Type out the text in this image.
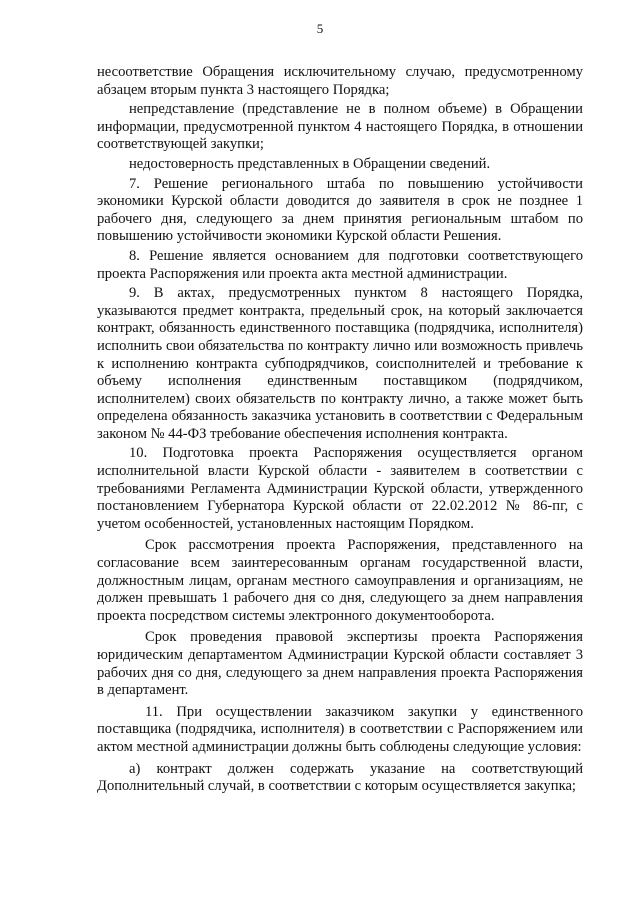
5

несоответствие Обращения исключительному случаю, предусмотренному абзацем вторым пункта 3 настоящего Порядка;

непредставление (представление не в полном объеме) в Обращении информации, предусмотренной пунктом 4 настоящего Порядка, в отношении соответствующей закупки;

недостоверность представленных в Обращении сведений.

7. Решение регионального штаба по повышению устойчивости экономики Курской области доводится до заявителя в срок не позднее 1 рабочего дня, следующего за днем принятия региональным штабом по повышению устойчивости экономики Курской области Решения.

8. Решение является основанием для подготовки соответствующего проекта Распоряжения или проекта акта местной администрации.

9. В актах, предусмотренных пунктом 8 настоящего Порядка, указываются предмет контракта, предельный срок, на который заключается контракт, обязанность единственного поставщика (подрядчика, исполнителя) исполнить свои обязательства по контракту лично или возможность привлечь к исполнению контракта субподрядчиков, соисполнителей и требование к объему исполнения единственным поставщиком (подрядчиком, исполнителем) своих обязательств по контракту лично, а также может быть определена обязанность заказчика установить в соответствии с Федеральным законом № 44-ФЗ требование обеспечения исполнения контракта.

10. Подготовка проекта Распоряжения осуществляется органом исполнительной власти Курской области - заявителем в соответствии с требованиями Регламента Администрации Курской области, утвержденного постановлением Губернатора Курской области от 22.02.2012 № 86-пг, с учетом особенностей, установленных настоящим Порядком.

Срок рассмотрения проекта Распоряжения, представленного на согласование всем заинтересованным органам государственной власти, должностным лицам, органам местного самоуправления и организациям, не должен превышать 1 рабочего дня со дня, следующего за днем направления проекта посредством системы электронного документооборота.

Срок проведения правовой экспертизы проекта Распоряжения юридическим департаментом Администрации Курской области составляет 3 рабочих дня со дня, следующего за днем направления проекта Распоряжения в департамент.

11. При осуществлении заказчиком закупки у единственного поставщика (подрядчика, исполнителя) в соответствии с Распоряжением или актом местной администрации должны быть соблюдены следующие условия:

а) контракт должен содержать указание на соответствующий Дополнительный случай, в соответствии с которым осуществляется закупка;
